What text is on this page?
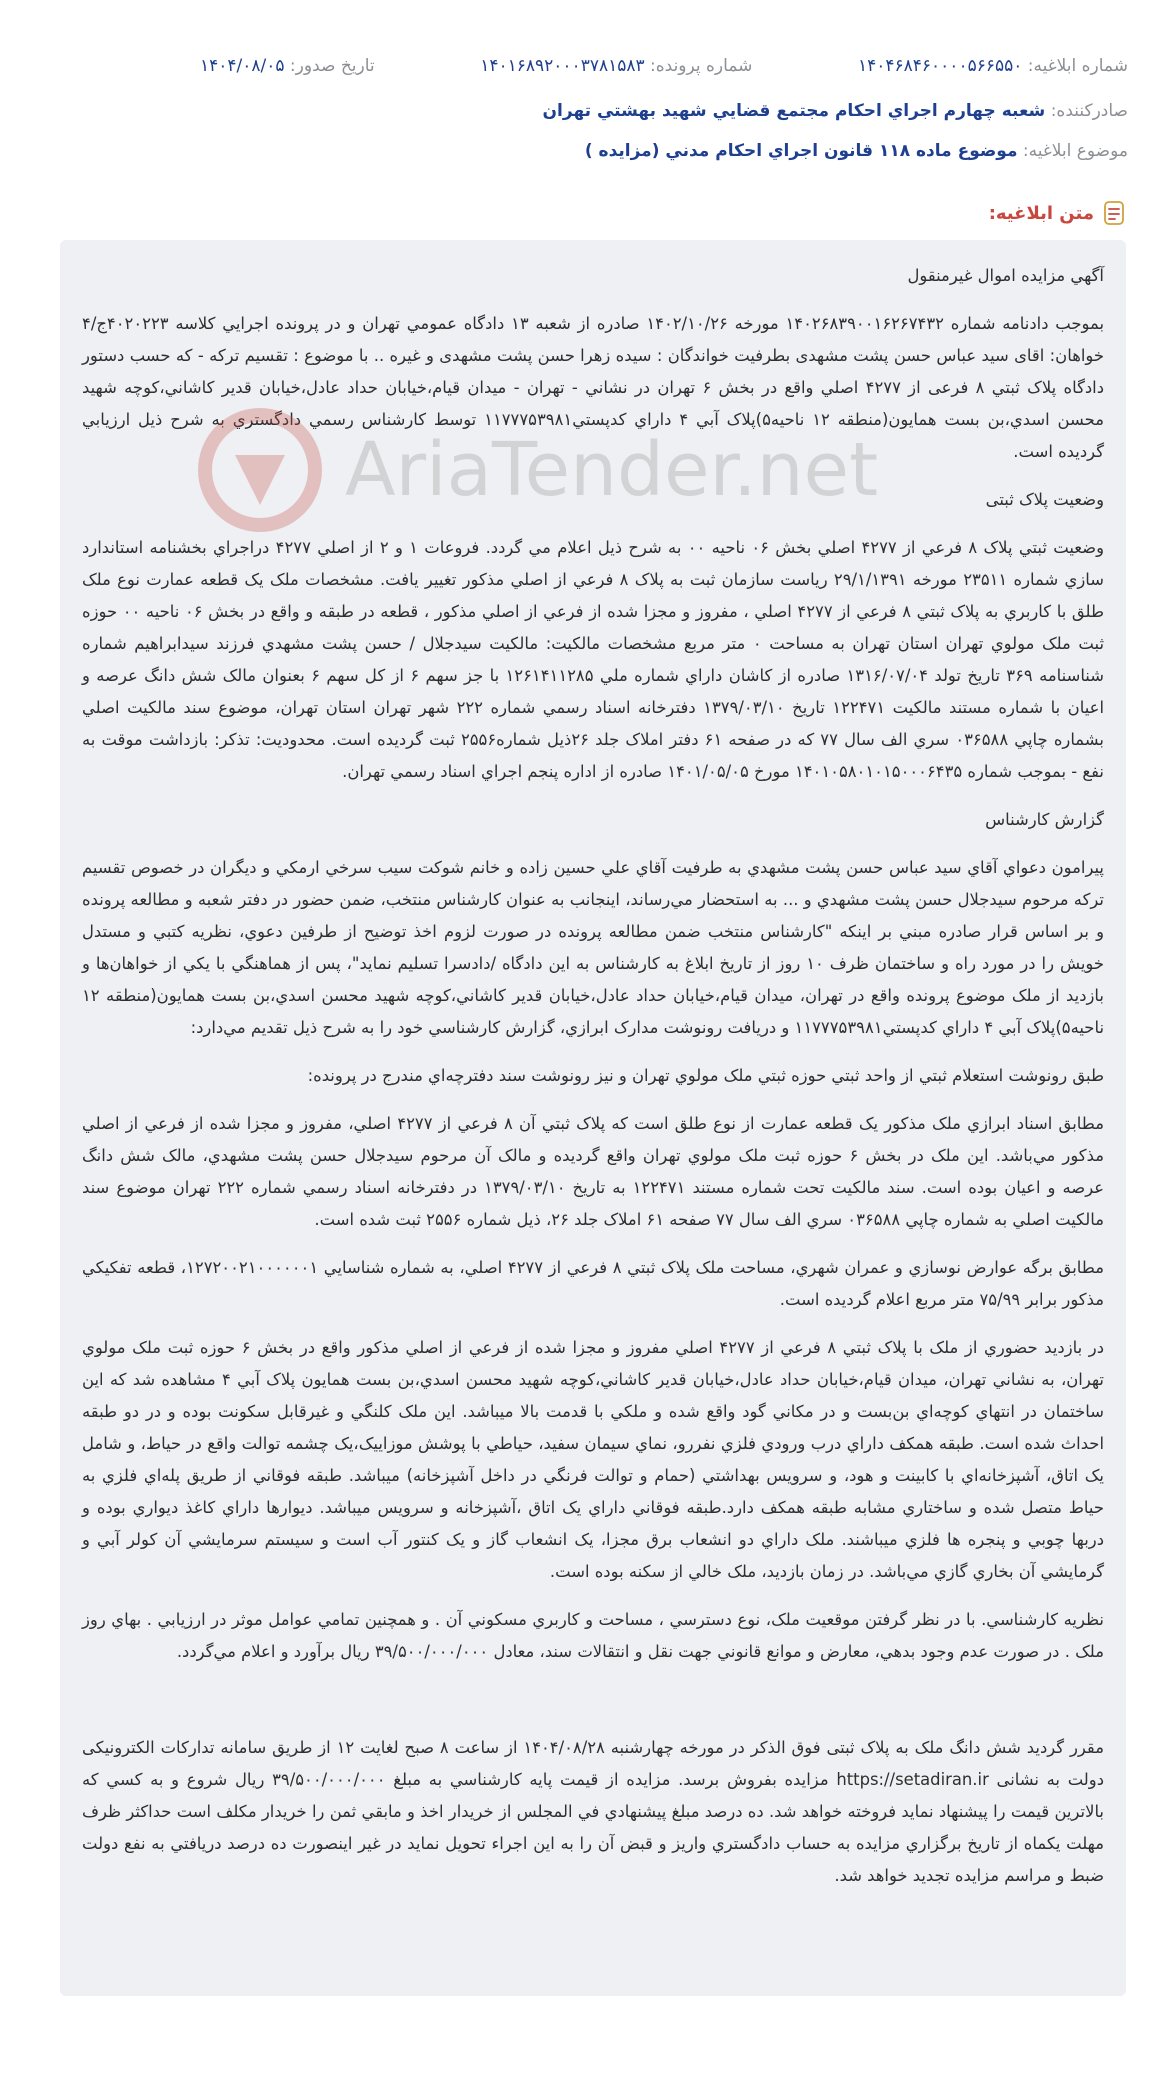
شماره ابلاغيه: ۱۴۰۴۶۸۴۶۰۰۰۰۵۶۶۵۵۰
شماره پرونده: ۱۴۰۱۶۸۹۲۰۰۰۳۷۸۱۵۸۳
تاريخ صدور: ۱۴۰۴/۰۸/۰۵
صادرکننده: شعبه چهارم اجراي احکام مجتمع قضايي شهيد بهشتي تهران
موضوع ابلاغيه: موضوع ماده ۱۱۸ قانون اجراي احکام مدني (مزايده )
متن ابلاغيه:
آگهي مزايده اموال غيرمنقول

بموجب دادنامه شماره ۱۴۰۲۶۸۳۹۰۰۱۶۲۶۷۴۳۲ مورخه ۱۴۰۲/۱۰/۲۶ صادره از شعبه ۱۳ دادگاه عمومي تهران و در پرونده اجرايي کلاسه ۴۰۲۰۲۲۳ج/۴ خواهان: اقاى سيد عباس حسن پشت مشهدى بطرفيت خواندگان : سيده زهرا حسن پشت مشهدى و غيره .. با موضوع : تقسيم ترکه - که حسب دستور دادگاه پلاک ثبتي ۸ فرعى از ۴۲۷۷ اصلي واقع در بخش ۶ تهران در نشاني - تهران - ميدان قيام،خيابان حداد عادل،خيابان قدير کاشاني،کوچه شهيد محسن اسدي،بن بست همايون(منطقه ۱۲ ناحيه۵)پلاک آبي ۴ داراي کدپستي۱۱۷۷۷۵۳۹۸۱ توسط کارشناس رسمي دادگستري به شرح ذيل ارزيابي گرديده است.

وضعيت پلاک ثبتی

وضعيت ثبتي پلاک ۸ فرعي از ۴۲۷۷ اصلي بخش ۰۶ ناحيه ۰۰ به شرح ذيل اعلام مي گردد. فروعات ۱ و ۲ از اصلي ۴۲۷۷ دراجراي بخشنامه استاندارد سازي شماره ۲۳۵۱۱ مورخه ۲۹/۱/۱۳۹۱ رياست سازمان ثبت به پلاک ۸ فرعي از اصلي مذکور تغيير يافت. مشخصات ملک يک قطعه عمارت نوع ملک طلق با کاربري به پلاک ثبتي ۸ فرعي از ۴۲۷۷ اصلي ، مفروز و مجزا شده از فرعي از اصلي مذکور ، قطعه در طبقه و واقع در بخش ۰۶ ناحيه ۰۰ حوزه ثبت ملک مولوي تهران استان تهران به مساحت ۰ متر مربع مشخصات مالکيت: مالکيت سيدجلال / حسن پشت مشهدي فرزند سيدابراهيم شماره شناسنامه ۳۶۹ تاريخ تولد ۱۳۱۶/۰۷/۰۴ صادره از کاشان داراي شماره ملي ۱۲۶۱۴۱۱۲۸۵ با جز سهم ۶ از کل سهم ۶ بعنوان مالک شش دانگ عرصه و اعيان با شماره مستند مالکيت ۱۲۲۴۷۱ تاريخ ۱۳۷۹/۰۳/۱۰ دفترخانه اسناد رسمي شماره ۲۲۲ شهر تهران استان تهران، موضوع سند مالکيت اصلي بشماره چاپي ۰۳۶۵۸۸ سري الف سال ۷۷ که در صفحه ۶۱ دفتر املاک جلد ۲۶ذيل شماره۲۵۵۶ ثبت گرديده است. محدوديت: تذکر: بازداشت موقت به نفع - بموجب شماره ۱۴۰۱۰۵۸۰۱۰۱۵۰۰۰۶۴۳۵ مورخ ۱۴۰۱/۰۵/۰۵ صادره از اداره پنجم اجراي اسناد رسمي تهران.

گزارش کارشناس

پيرامون دعواي آقاي سيد عباس حسن پشت مشهدي به طرفيت آقاي علي حسين زاده و خانم شوکت سيب سرخي ارمکي و ديگران در خصوص تقسيم ترکه مرحوم سيدجلال حسن پشت مشهدي و ... به استحضار مي‌رساند، اينجانب به عنوان کارشناس منتخب، ضمن حضور در دفتر شعبه و مطالعه پرونده و بر اساس قرار صادره مبني بر اينکه "کارشناس منتخب ضمن مطالعه پرونده در صورت لزوم اخذ توضيح از طرفين دعوي، نظريه کتبي و مستدل خويش را در مورد راه و ساختمان ظرف ۱۰ روز از تاريخ ابلاغ به کارشناس به اين دادگاه /دادسرا تسليم نمايد"، پس از هماهنگي با يکي از خواهان‌ها و بازديد از ملک موضوع پرونده واقع در تهران، ميدان قيام،خيابان حداد عادل،خيابان قدير کاشاني،کوچه شهيد محسن اسدي،بن بست همايون(منطقه ۱۲ ناحيه۵)پلاک آبي ۴ داراي کدپستي۱۱۷۷۷۵۳۹۸۱ و دريافت رونوشت مدارک ابرازي، گزارش کارشناسي خود را به شرح ذيل تقديم مي‌دارد:

طبق رونوشت استعلام ثبتي از واحد ثبتي حوزه ثبتي ملک مولوي تهران و نيز رونوشت سند دفترچه‌اي مندرج در پرونده:

مطابق اسناد ابرازي ملک مذکور يک قطعه عمارت از نوع طلق است که پلاک ثبتي آن ۸ فرعي از ۴۲۷۷ اصلي، مفروز و مجزا شده از فرعي از اصلي مذکور مي‌باشد. اين ملک در بخش ۶ حوزه ثبت ملک مولوي تهران واقع گرديده و مالک آن مرحوم سيدجلال حسن پشت مشهدي، مالک شش دانگ عرصه و اعيان بوده است. سند مالکيت تحت شماره مستند ۱۲۲۴۷۱ به تاريخ ۱۳۷۹/۰۳/۱۰ در دفترخانه اسناد رسمي شماره ۲۲۲ تهران موضوع سند مالکيت اصلي به شماره چاپي ۰۳۶۵۸۸ سري الف سال ۷۷ صفحه ۶۱ املاک جلد ۲۶، ذيل شماره ۲۵۵۶ ثبت شده است.

مطابق برگه عوارض نوسازي و عمران شهري، مساحت ملک پلاک ثبتي ۸ فرعي از ۴۲۷۷ اصلي، به شماره شناسايي ۱۲۷۲۰۰۲۱۰۰۰۰۰۰۱، قطعه تفکيکي مذکور برابر ۷۵/۹۹ متر مربع اعلام گرديده است.

در بازديد حضوري از ملک با پلاک ثبتي ۸ فرعي از ۴۲۷۷ اصلي مفروز و مجزا شده از فرعي از اصلي مذکور واقع در بخش ۶ حوزه ثبت ملک مولوي تهران، به نشاني تهران، ميدان قيام،خيابان حداد عادل،خيابان قدير کاشاني،کوچه شهيد محسن اسدي،بن بست همايون پلاک آبي ۴ مشاهده شد که اين ساختمان در انتهاي کوچه‌اي بن‌بست و در مکاني گود واقع شده و ملکي با قدمت بالا ميباشد. اين ملک کلنگي و غيرقابل سکونت بوده و در دو طبقه احداث شده است. طبقه همکف داراي درب ورودي فلزي نفررو، نماي سيمان سفيد، حياطي با پوشش موزاييک،يک چشمه توالت واقع در حياط، و شامل يک اتاق، آشپزخانه‌اي با کابينت و هود، و سرويس بهداشتي (حمام و توالت فرنگي در داخل آشپزخانه) ميباشد. طبقه فوقاني از طريق پله‌اي فلزي به حياط متصل شده و ساختاري مشابه طبقه همکف دارد.طبقه فوقاني داراي يک اتاق ،آشپزخانه و سرويس ميباشد. ديوارها داراي کاغذ ديواري بوده و دربها چوبي و پنجره ها فلزي ميباشند. ملک داراي دو انشعاب برق مجزا، يک انشعاب گاز و يک کنتور آب است و سيستم سرمايشي آن کولر آبي و گرمايشي آن بخاري گازي مي‌باشد. در زمان بازديد، ملک خالي از سکنه بوده است.

نظريه کارشناسي. با در نظر گرفتن موقعيت ملک، نوع دسترسي ، مساحت و کاربري مسکوني آن . و همچنين تمامي عوامل موثر در ارزيابي . بهاي روز ملک . در صورت عدم وجود بدهي، معارض و موانع قانوني جهت نقل و انتقالات سند، معادل ۳۹/۵۰۰/۰۰۰/۰۰۰ ريال برآورد و اعلام مي‌گردد.

مقرر گرديد شش دانگ ملک به پلاک ثبتی فوق الذکر در مورخه چهارشنبه ۱۴۰۴/۰۸/۲۸ از ساعت ۸ صبح لغايت ۱۲ از طريق سامانه تداركات الكترونيكی دولت به نشانی https://setadiran.ir مزايده بفروش برسد. مزايده از قيمت پايه کارشناسي به مبلغ ۳۹/۵۰۰/۰۰۰/۰۰۰ ريال شروع و به کسي که بالاترين قيمت را پيشنهاد نمايد فروخته خواهد شد. ده درصد مبلغ پيشنهادي في المجلس از خريدار اخذ و مابقي ثمن را خريدار مکلف است حداکثر ظرف مهلت يکماه از تاريخ برگزاري مزايده به حساب دادگستري واريز و قبض آن را به اين اجراء تحويل نمايد در غير اينصورت ده درصد دريافتي به نفع دولت ضبط و مراسم مزايده تجديد خواهد شد.

AriaTender.net
